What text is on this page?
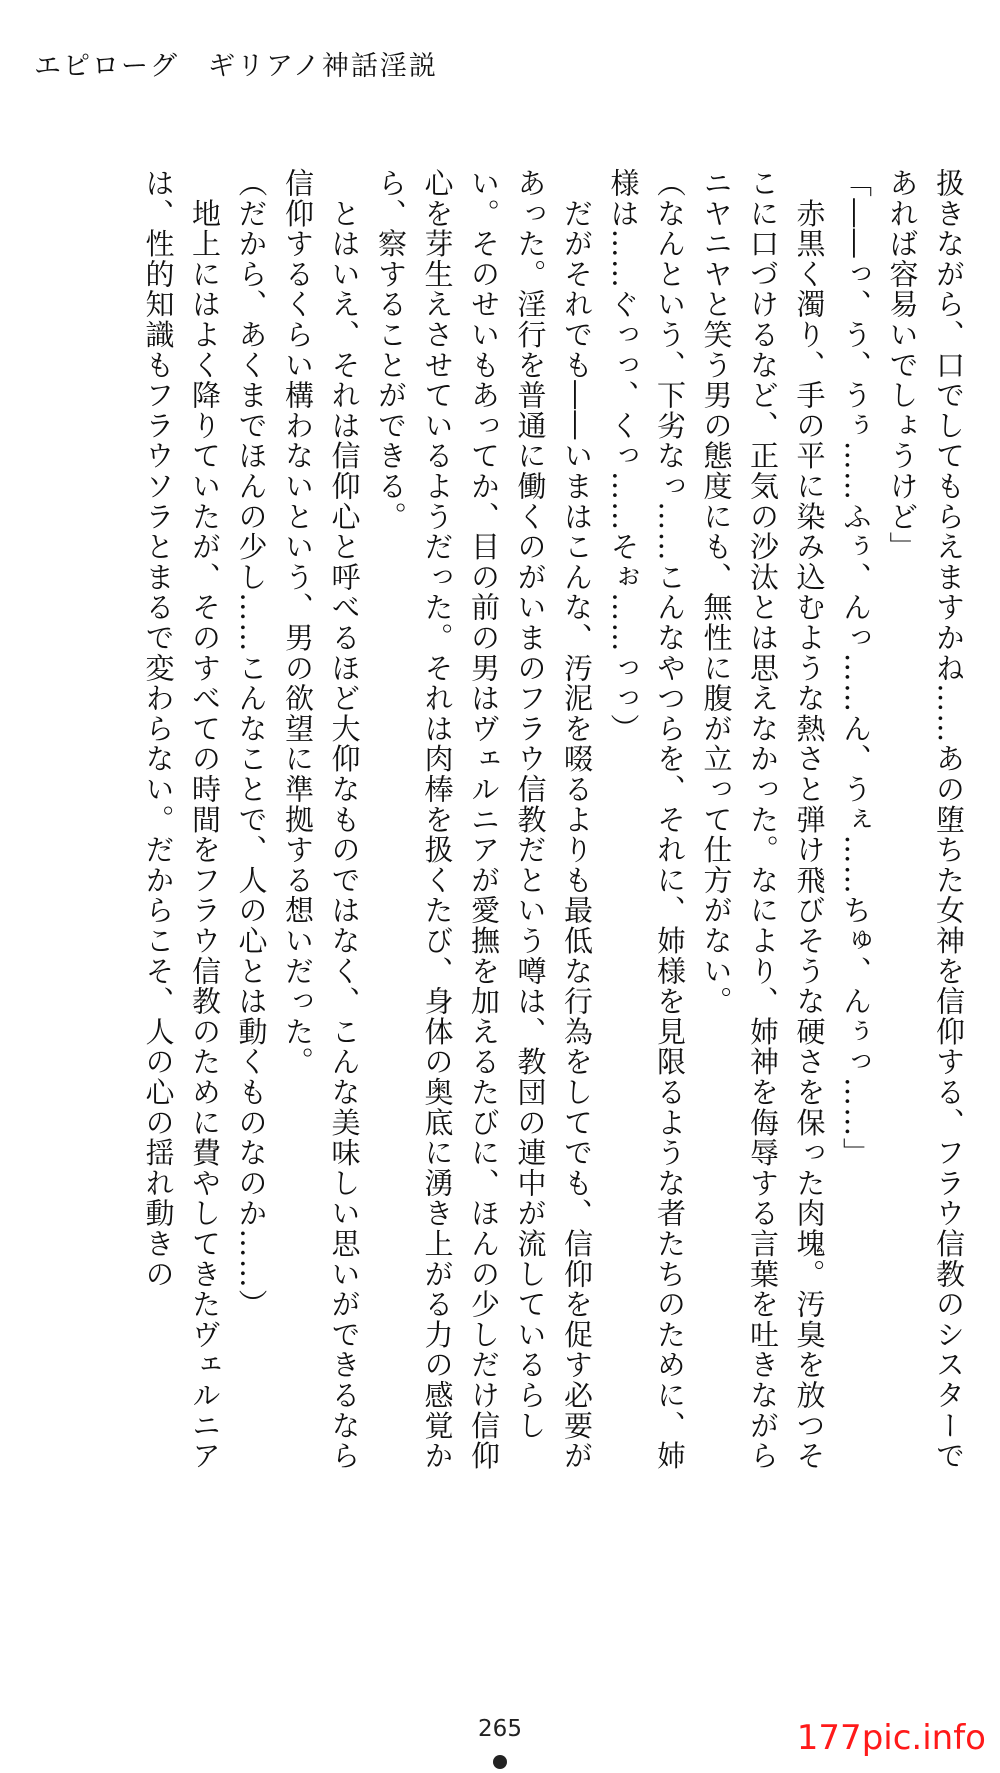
エピローグ　ギリアノ神話淫説

扱きながら、口でしてもらえますかね……あの堕ちた女神を信仰する、フラウ信教のシスターであれば容易いでしょうけど」

「――っ、う、うぅ……ふぅ、んっ……ん、うぇ……ちゅ、んぅっ……」

　赤黒く濁り、手の平に染み込むような熱さと弾け飛びそうな硬さを保った肉塊。汚臭を放つそこに口づけるなど、正気の沙汰とは思えなかった。なにより、姉神を侮辱する言葉を吐きながらニヤニヤと笑う男の態度にも、無性に腹が立って仕方がない。

（なんという、下劣なっ……こんなやつらを、それに、姉様を見限るような者たちのために、姉様は……ぐっっ、くっ……そぉ……っっ）

　だがそれでも――いまはこんな、汚泥を啜るよりも最低な行為をしてでも、信仰を促す必要があった。淫行を普通に働くのがいまのフラウ信教だという噂は、教団の連中が流しているらしい。そのせいもあってか、目の前の男はヴェルニアが愛撫を加えるたびに、ほんの少しだけ信仰心を芽生えさせているようだった。それは肉棒を扱くたび、身体の奥底に湧き上がる力の感覚から、察することができる。

　とはいえ、それは信仰心と呼べるほど大仰なものではなく、こんな美味しい思いができるなら信仰するくらい構わないという、男の欲望に準拠する想いだった。

（だから、あくまでほんの少し……こんなことで、人の心とは動くものなのか……）

　地上にはよく降りていたが、そのすべての時間をフラウ信教のために費やしてきたヴェルニアは、性的知識もフラウソラとまるで変わらない。だからこそ、人の心の揺れ動きの

265	177pic.info
